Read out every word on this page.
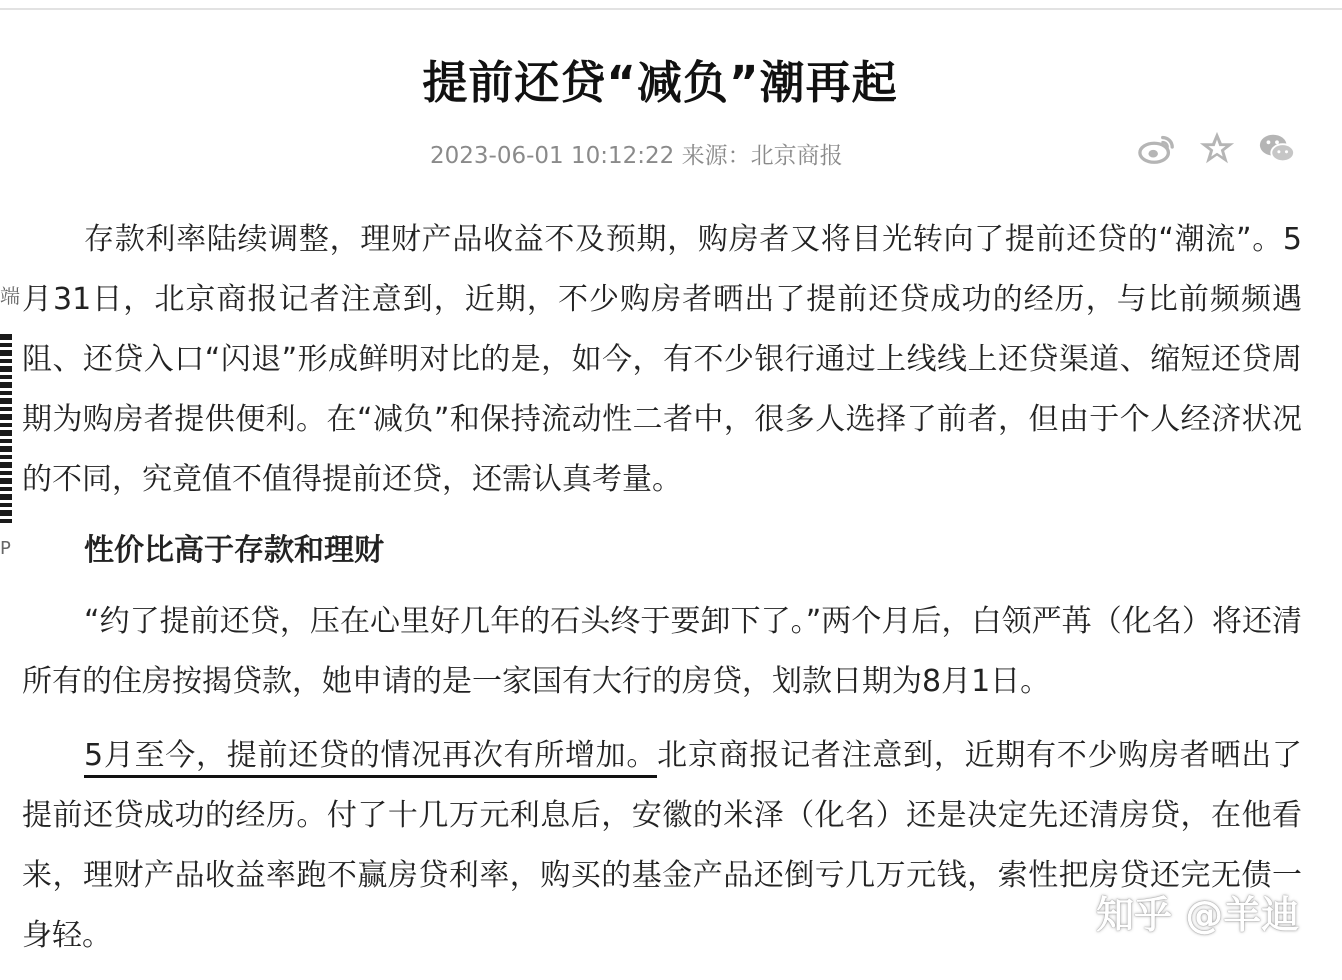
端
P
提前还贷“减负”潮再起
2023-06-01 10:12:22 来源：北京商报

存款利率陆续调整，理财产品收益不及预期，购房者又将目光转向了提前还贷的“潮流”。5月31日，北京商报记者注意到，近期，不少购房者晒出了提前还贷成功的经历，与比前频频遇阻、还贷入口“闪退”形成鲜明对比的是，如今，有不少银行通过上线线上还贷渠道、缩短还贷周期为购房者提供便利。在“减负”和保持流动性二者中，很多人选择了前者，但由于个人经济状况的不同，究竟值不值得提前还贷，还需认真考量。

性价比高于存款和理财

“约了提前还贷，压在心里好几年的石头终于要卸下了。”两个月后，白领严苒（化名）将还清所有的住房按揭贷款，她申请的是一家国有大行的房贷，划款日期为8月1日。

5月至今，提前还贷的情况再次有所增加。北京商报记者注意到，近期有不少购房者晒出了提前还贷成功的经历。付了十几万元利息后，安徽的米泽（化名）还是决定先还清房贷，在他看来，理财产品收益率跑不赢房贷利率，购买的基金产品还倒亏几万元钱，索性把房贷还完无债一身轻。	知乎 @羊迪
